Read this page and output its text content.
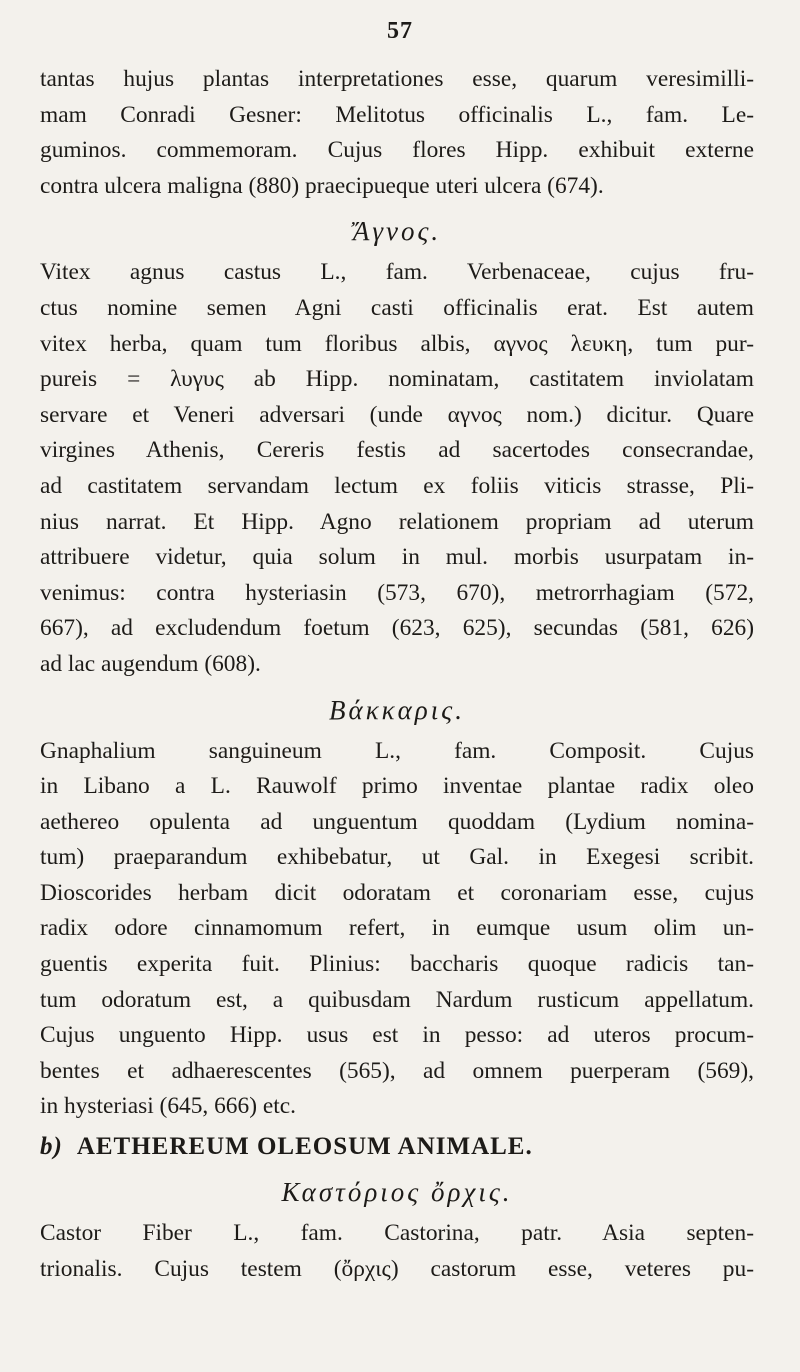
57
tantas hujus plantas interpretationes esse, quarum veresimilli-
mam Conradi Gesner: Melitotus officinalis L., fam. Le-
guminos. commemoram. Cujus flores Hipp. exhibuit externe
contra ulcera maligna (880) praecipueque uteri ulcera (674).
Ἄγνος.
Vitex agnus castus L., fam. Verbenaceae, cujus fru-
ctus nomine semen Agni casti officinalis erat. Est autem
vitex herba, quam tum floribus albis, αγνος λευκη, tum pur-
pureis = λυγυς ab Hipp. nominatam, castitatem inviolatam
servare et Veneri adversari (unde αγνος nom.) dicitur. Quare
virgines Athenis, Cereris festis ad sacertodes consecrandae,
ad castitatem servandam lectum ex foliis viticis strasse, Pli-
nius narrat. Et Hipp. Agno relationem propriam ad uterum
attribuere videtur, quia solum in mul. morbis usurpatam in-
venimus: contra hysteriasin (573, 670), metrorrhagiam (572,
667), ad excludendum foetum (623, 625), secundas (581, 626)
ad lac augendum (608).
Βάκκαρις.
Gnaphalium sanguineum L., fam. Composit. Cujus
in Libano a L. Rauwolf primo inventae plantae radix oleo
aethereo opulenta ad unguentum quoddam (Lydium nomina-
tum) praeparandum exhibebatur, ut Gal. in Exegesi scribit.
Dioscorides herbam dicit odoratam et coronariam esse, cujus
radix odore cinnamomum refert, in eumque usum olim un-
guentis experita fuit. Plinius: baccharis quoque radicis tan-
tum odoratum est, a quibusdam Nardum rusticum appellatum.
Cujus unguento Hipp. usus est in pesso: ad uteros procum-
bentes et adhaerescentes (565), ad omnem puerperam (569),
in hysteriasi (645, 666) etc.
b) AETHEREUM OLEOSUM ANIMALE.
Καστόριος ὄρχις.
Castor Fiber L., fam. Castorina, patr. Asia septen-
trionalis. Cujus testem (ὄρχις) castorum esse, veteres pu-
